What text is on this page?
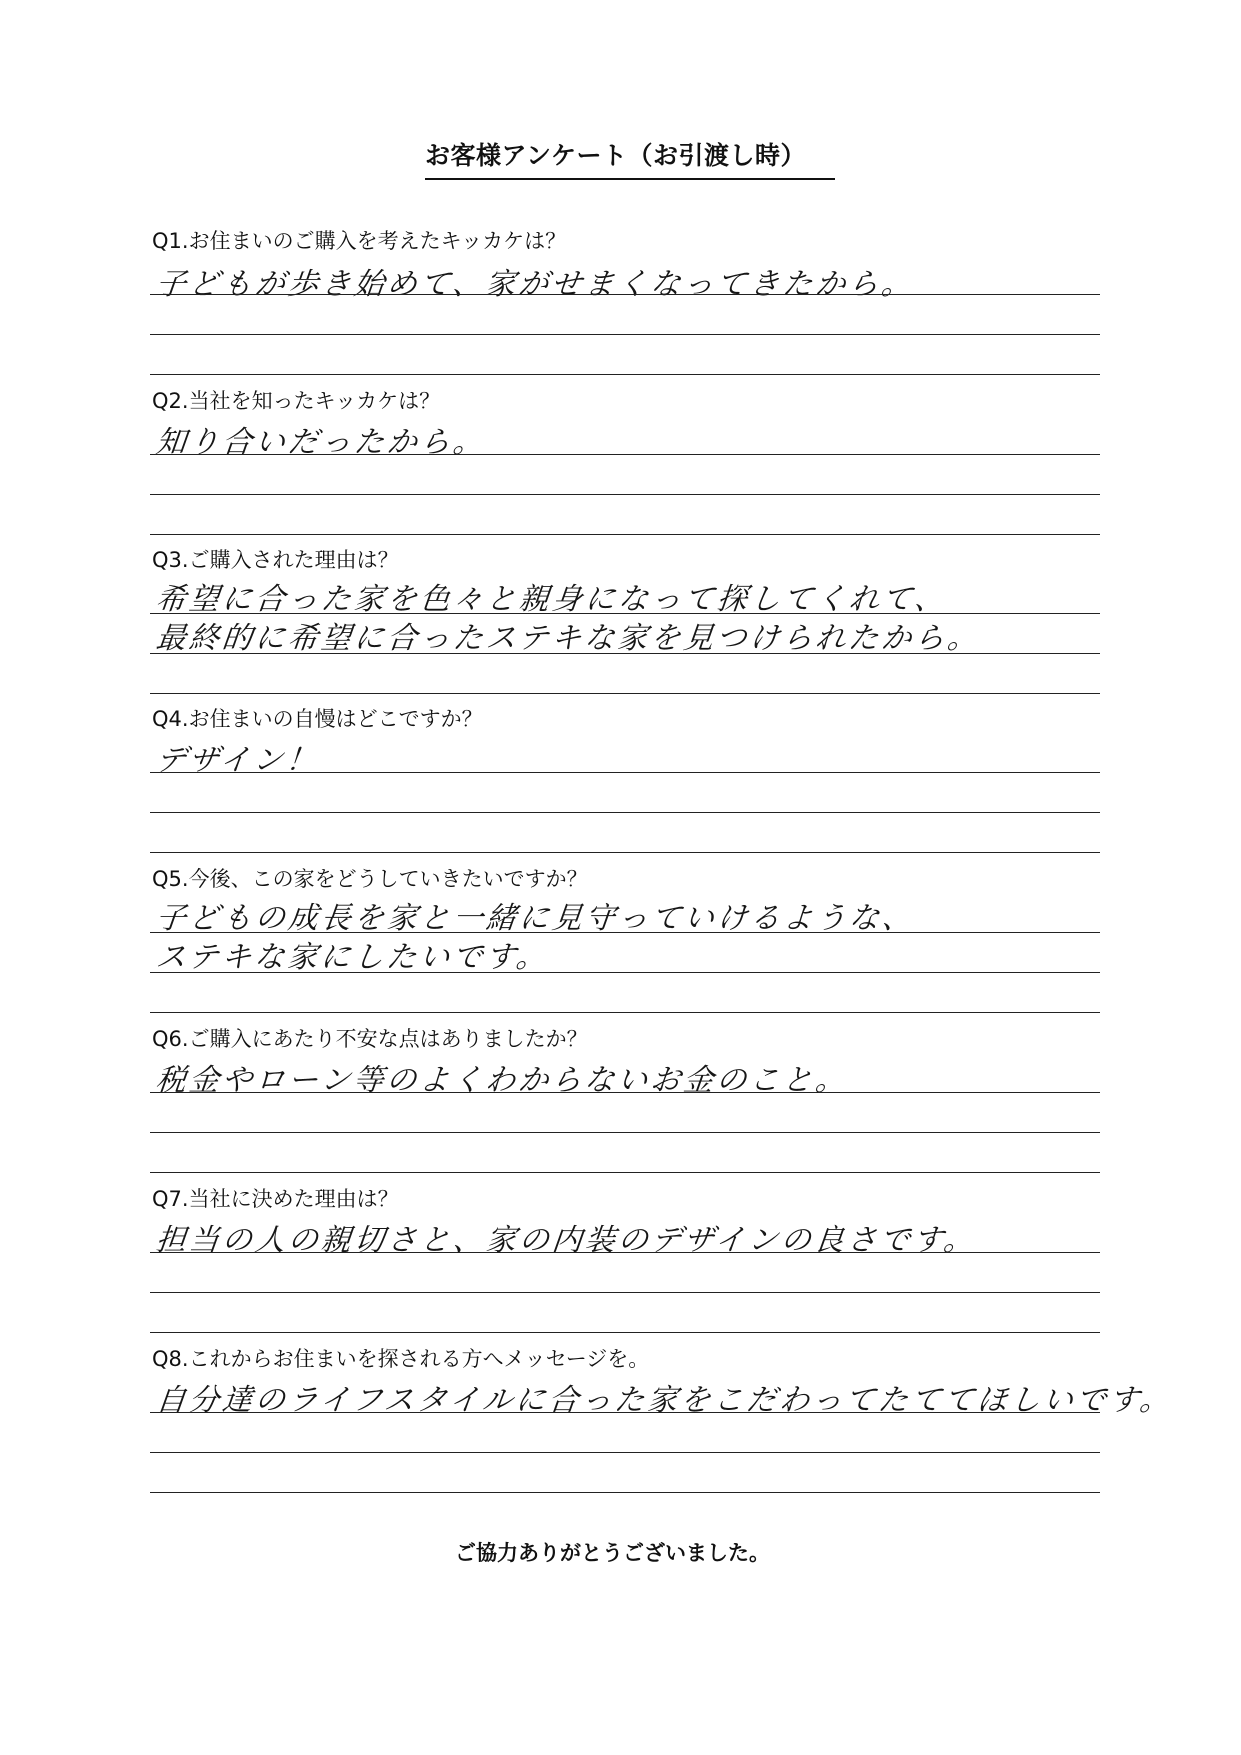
お客様アンケート（お引渡し時）
Q1.お住まいのご購入を考えたキッカケは？
子どもが歩き始めて、家がせまくなってきたから。
Q2.当社を知ったキッカケは？
知り合いだったから。
Q3.ご購入された理由は？
希望に合った家を色々と親身になって探してくれて、
最終的に希望に合ったステキな家を見つけられたから。
Q4.お住まいの自慢はどこですか？
デザイン！
Q5.今後、この家をどうしていきたいですか？
子どもの成長を家と一緒に見守っていけるような、
ステキな家にしたいです。
Q6.ご購入にあたり不安な点はありましたか？
税金やローン等のよくわからないお金のこと。
Q7.当社に決めた理由は？
担当の人の親切さと、家の内装のデザインの良さです。
Q8.これからお住まいを探される方へメッセージを。
自分達のライフスタイルに合った家をこだわってたててほしいです。
ご協力ありがとうございました。
